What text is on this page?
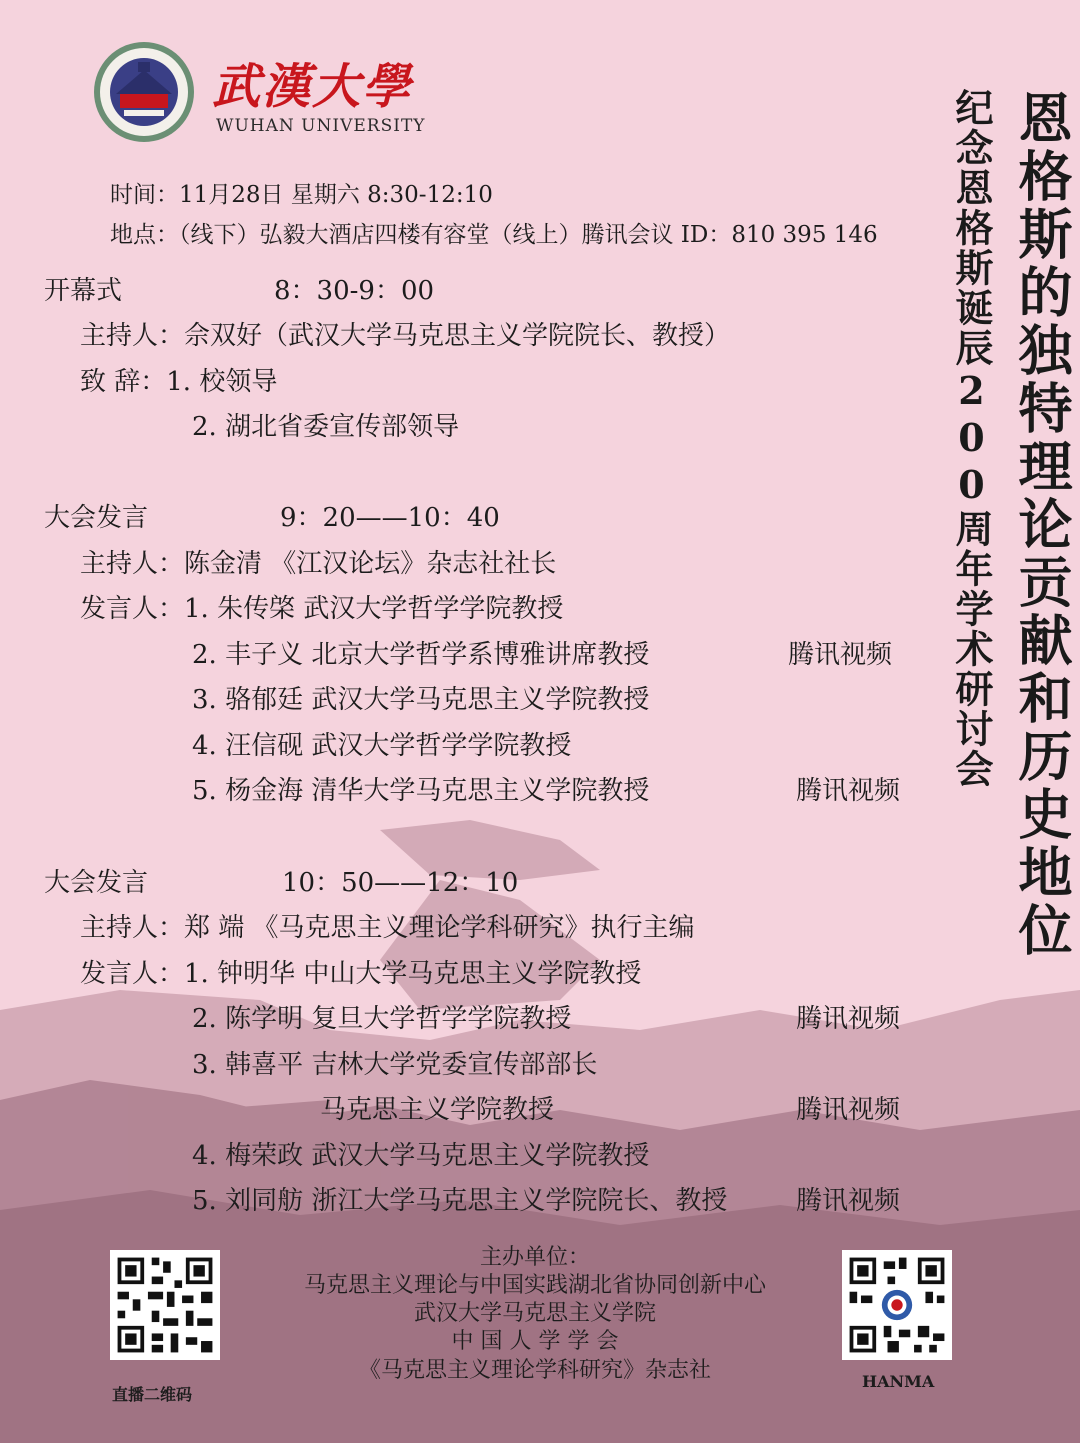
武漢大學
WUHAN UNIVERSITY	恩格斯的独特理论贡献和历史地位
纪念恩格斯诞辰200周年学术研讨会
时间：11月28日 星期六 8:30-12:10
地点：（线下）弘毅大酒店四楼有容堂（线上）腾讯会议 ID：810 395 146
开幕式	8：30-9：00
主持人：佘双好（武汉大学马克思主义学院院长、教授）
致 辞：1. 校领导
2. 湖北省委宣传部领导
大会发言	9：20——10：40
主持人：陈金清 《江汉论坛》杂志社社长
发言人：1. 朱传棨 武汉大学哲学学院教授
2. 丰子义 北京大学哲学系博雅讲席教授	腾讯视频
3. 骆郁廷 武汉大学马克思主义学院教授
4. 汪信砚 武汉大学哲学学院教授
5. 杨金海 清华大学马克思主义学院教授	腾讯视频
大会发言	10：50——12：10
主持人：郑 端 《马克思主义理论学科研究》执行主编
发言人：1. 钟明华 中山大学马克思主义学院教授
2. 陈学明 复旦大学哲学学院教授	腾讯视频
3. 韩喜平 吉林大学党委宣传部部长
马克思主义学院教授	腾讯视频
4. 梅荣政 武汉大学马克思主义学院教授
5. 刘同舫 浙江大学马克思主义学院院长、教授	腾讯视频
主办单位：
马克思主义理论与中国实践湖北省协同创新中心
武汉大学马克思主义学院
中 国 人 学 学 会
《马克思主义理论学科研究》杂志社
直播二维码
HANMA
